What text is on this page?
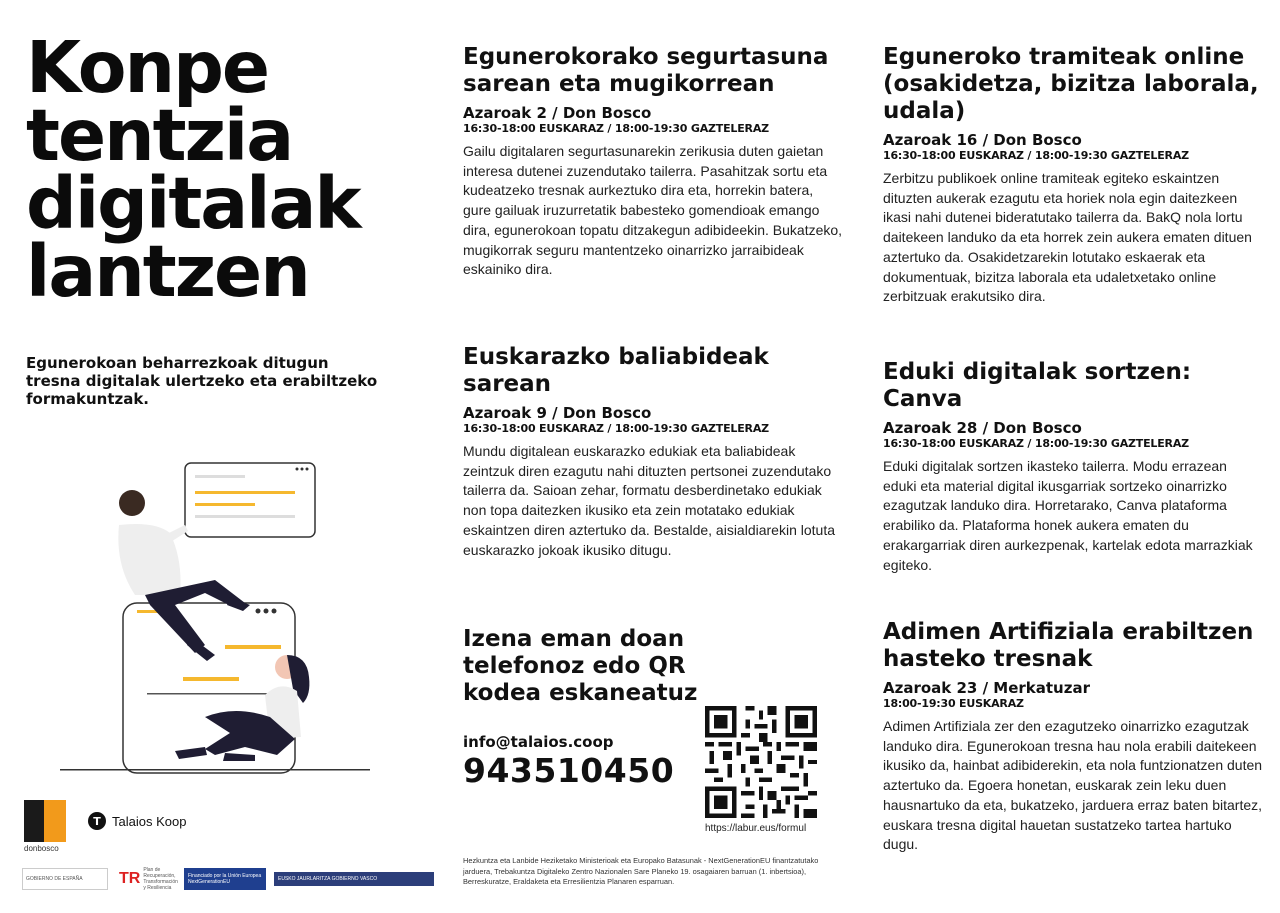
Konpe
tentzia
digitalak
lantzen
Egunerokoan beharrezkoak ditugun tresna digitalak ulertzeko eta erabiltzeko formakuntzak.
donbosco
T Talaios Koop
GOBIERNO DE ESPAÑA	TR Plan de Recuperación, Transformación y Resiliencia
Financiado por la Unión Europea NextGenerationEU	EUSKO JAURLARITZA GOBIERNO VASCO
Egunerokorako segurtasuna sarean eta mugikorrean
Azaroak 2 / Don Bosco
16:30-18:00 EUSKARAZ / 18:00-19:30 GAZTELERAZ
Gailu digitalaren segurtasunarekin zerikusia duten gaietan interesa dutenei zuzendutako tailerra. Pasahitzak sortu eta kudeatzeko tresnak aurkeztuko dira eta, horrekin batera, gure gailuak iruzurretatik babesteko gomendioak emango dira, egunerokoan topatu ditzakegun adibideekin. Bukatzeko, mugikorrak seguru mantentzeko oinarrizko jarraibideak eskainiko dira.
Euskarazko baliabideak sarean
Azaroak 9 / Don Bosco
16:30-18:00 EUSKARAZ / 18:00-19:30 GAZTELERAZ
Mundu digitalean euskarazko edukiak eta baliabideak zeintzuk diren ezagutu nahi dituzten pertsonei zuzendutako tailerra da. Saioan zehar, formatu desberdinetako edukiak non topa daitezken ikusiko eta zein motatako edukiak eskaintzen diren aztertuko da. Bestalde, aisialdiarekin lotuta euskarazko jokoak ikusiko ditugu.
Izena eman doan telefonoz edo QR kodea eskaneatuz
info@talaios.coop
943510450
https://labur.eus/formul
Hezkuntza eta Lanbide Heziketako Ministerioak eta Europako Batasunak - NextGenerationEU finantzatutako jarduera, Trebakuntza Digitaleko Zentro Nazionalen Sare Planeko 19. osagaiaren barruan (1. inbertsioa), Berreskuratze, Eraldaketa eta Erresilientzia Planaren esparruan.
Eguneroko tramiteak online (osakidetza, bizitza laborala, udala)
Azaroak 16 / Don Bosco
16:30-18:00 EUSKARAZ / 18:00-19:30 GAZTELERAZ
Zerbitzu publikoek online tramiteak egiteko eskaintzen dituzten aukerak ezagutu eta horiek nola egin daitezkeen ikasi nahi dutenei bideratutako tailerra da. BakQ nola lortu daitekeen landuko da eta horrek zein aukera ematen dituen aztertuko da. Osakidetzarekin lotutako eskaerak eta dokumentuak, bizitza laborala eta udaletxetako online zerbitzuak erakutsiko dira.
Eduki digitalak sortzen: Canva
Azaroak 28 / Don Bosco
16:30-18:00 EUSKARAZ / 18:00-19:30 GAZTELERAZ
Eduki digitalak sortzen ikasteko tailerra. Modu errazean eduki eta material digital ikusgarriak sortzeko oinarrizko ezagutzak landuko dira. Horretarako, Canva plataforma erabiliko da. Plataforma honek aukera ematen du erakargarriak diren aurkezpenak, kartelak edota marrazkiak egiteko.
Adimen Artifiziala erabiltzen hasteko tresnak
Azaroak 23 / Merkatuzar
18:00-19:30 EUSKARAZ
Adimen Artifiziala zer den ezagutzeko oinarrizko ezagutzak landuko dira. Egunerokoan tresna hau nola erabili daitekeen ikusiko da, hainbat adibiderekin, eta nola funtzionatzen duten aztertuko da. Egoera honetan, euskarak zein leku duen hausnartuko da eta, bukatzeko, jarduera erraz baten bitartez, euskara tresna digital hauetan sustatzeko tartea hartuko dugu.
